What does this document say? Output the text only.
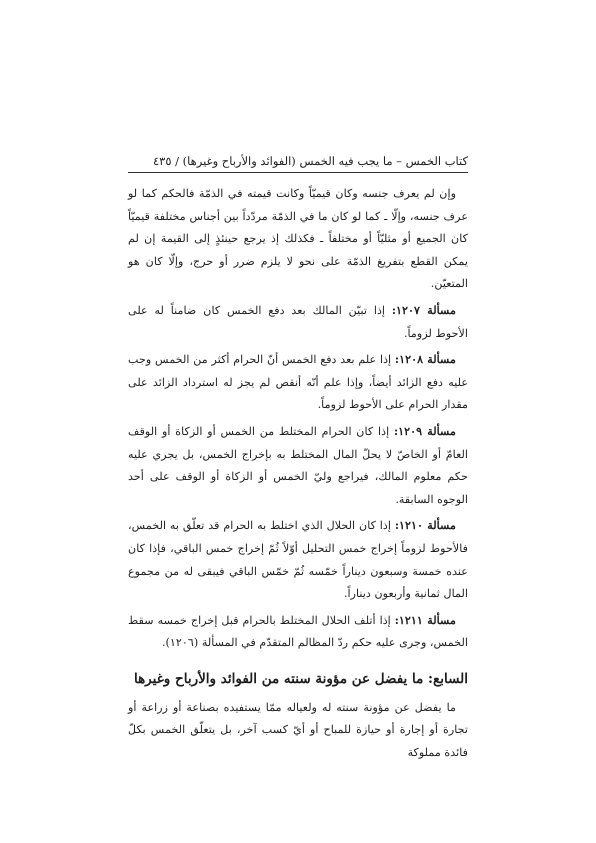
كتاب الخمس – ما يجب فيه الخمس (الفوائد والأرباح وغيرها) / ٤٣٥

وإن لم يعرف جنسه وكان قيميّاً وكانت قيمته في الذمّة فالحكم كما لو عرف جنسه، وإلّا ـ كما لو كان ما في الذمّة مردّداً بين أجناس مختلفة قيميّاً كان الجميع أو مثليّاً أو مختلفاً ـ فكذلك إذ يرجع حينئذٍ إلى القيمة إن لم يمكن القطع بتفريغ الذمّة على نحو لا يلزم ضرر أو حرج، وإلّا كان هو المتعيّن.

مسألة ١٢٠٧: إذا تبيّن المالك بعد دفع الخمس كان ضامناً له على الأحوط لزوماً.

مسألة ١٢٠٨: إذا علم بعد دفع الخمس أنّ الحرام أكثر من الخمس وجب عليه دفع الزائد أيضاً، وإذا علم أنّه أنقص لم يجز له استرداد الزائد على مقدار الحرام على الأحوط لزوماً.

مسألة ١٢٠٩: إذا كان الحرام المختلط من الخمس أو الزكاة أو الوقف العامّ أو الخاصّ لا يحلّ المال المختلط به بإخراج الخمس، بل يجري عليه حكم معلوم المالك، فيراجع وليّ الخمس أو الزكاة أو الوقف على أحد الوجوه السابقة.

مسألة ١٢١٠: إذا كان الحلال الذي اختلط به الحرام قد تعلّق به الخمس، فالأحوط لزوماً إخراج خمس التحليل أوّلاً ثُمّ إخراج خمس الباقي، فإذا كان عنده خمسة وسبعون ديناراً خمّسه ثُمّ خمّس الباقي فيبقى له من مجموع المال ثمانية وأربعون ديناراً.

مسألة ١٢١١: إذا أتلف الحلال المختلط بالحرام قبل إخراج خمسه سقط الخمس، وجرى عليه حكم ردّ المظالم المتقدّم في المسألة (١٢٠٦).

السابع: ما يفضل عن مؤونة سنته من الفوائد والأرباح وغيرها

ما يفضل عن مؤونة سنته له ولعياله ممّا يستفيده بصناعة أو زراعة أو تجارة أو إجارة أو حيازة للمباح أو أيّ كسب آخر، بل يتعلّق الخمس بكلّ فائدة مملوكة
